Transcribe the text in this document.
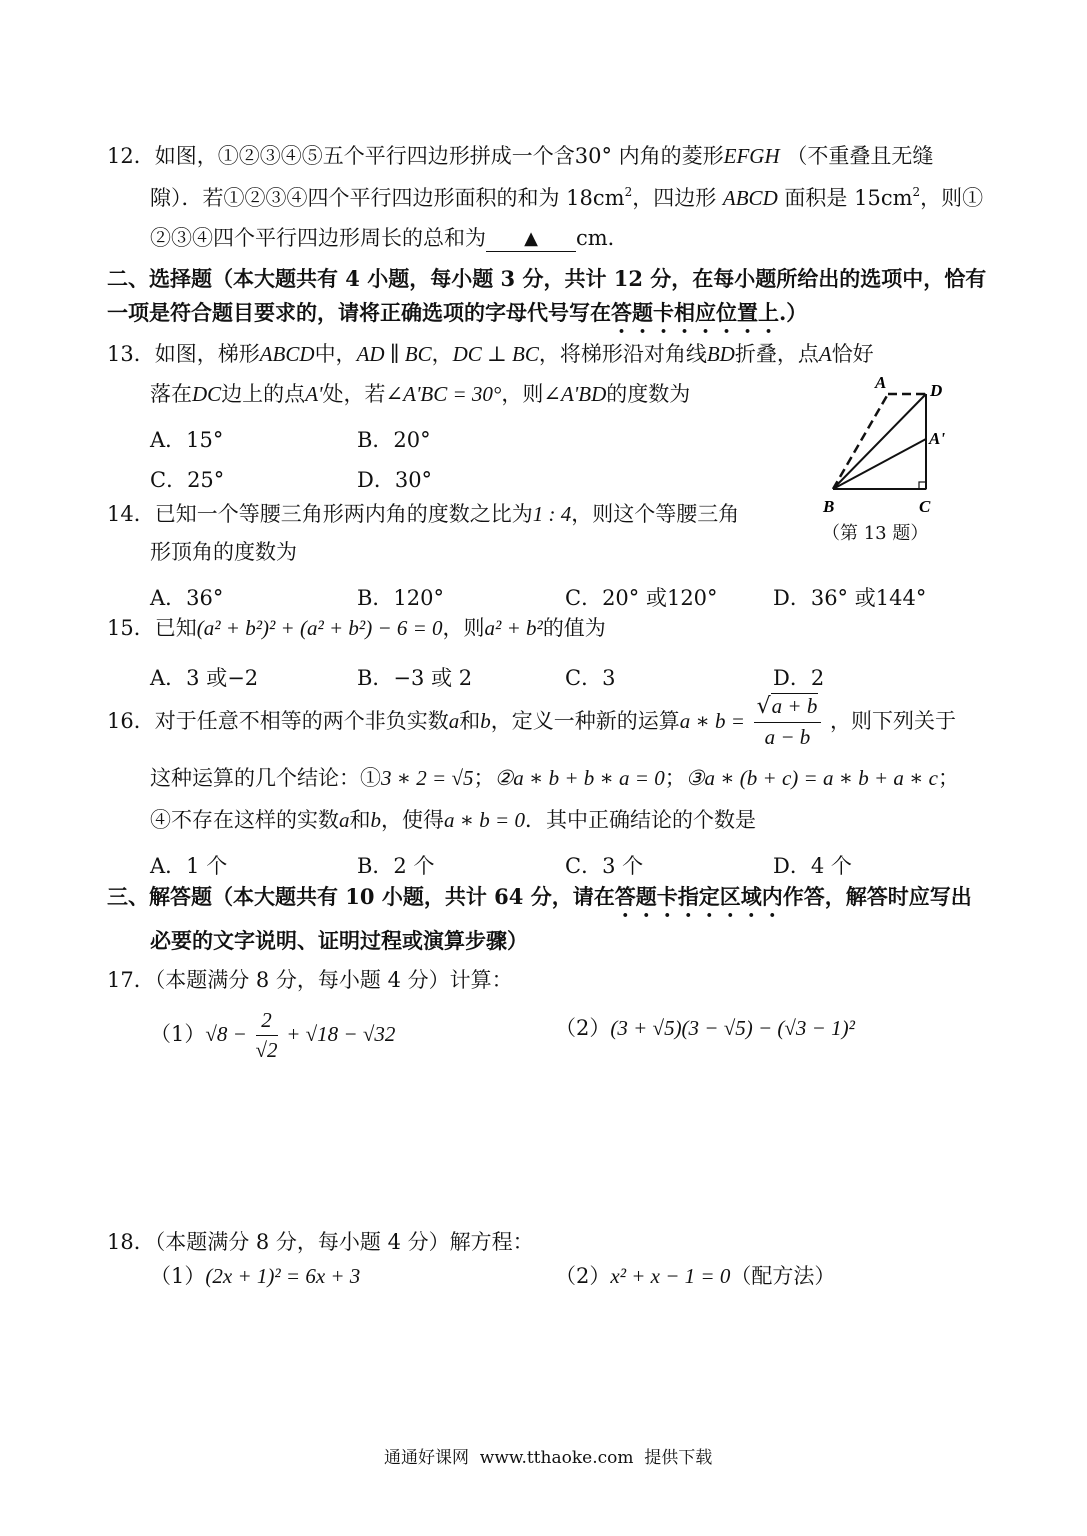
12．如图，①②③④⑤五个平行四边形拼成一个含30° 内角的菱形EFGH （不重叠且无缝
隙）．若①②③④四个平行四边形面积的和为 $18cm^2$，四边形 ABCD 面积是 $15cm^2$，则①
②③④四个平行四边形周长的总和为 ▲ cm．
二、选择题（本大题共有 4 小题，每小题 3 分，共计 12 分，在每小题所给出的选项中，恰有
一项是符合题目要求的，请将正确选项的字母代号写在答题卡相应位置上.）
13．如图，梯形ABCD中，AD ∥ BC，DC ⊥ BC，将梯形沿对角线BD折叠，点A恰好
落在DC边上的点A'处，若∠A'BC = 30°，则∠A'BD的度数为
A．15°	B．20°
C．25°	D．30°
A	D
A'
B	C
（第 13 题）
14．已知一个等腰三角形两内角的度数之比为1 : 4，则这个等腰三角
形顶角的度数为
A．36°	B．120°	C．20° 或120°	D．36° 或144°
15．已知(a² + b²)² + (a² + b²) − 6 = 0，则a² + b²的值为
A．3 或−2	B．−3 或 2	C．3	D．2
16．对于任意不相等的两个非负实数a和b，定义一种新的运算a ∗ $b = \frac{√a + b}{a - b}$ ，则下列关于
这种运算的几个结论：①3 ∗ 2 = √5；②a ∗ b + b ∗ a = 0；③a ∗ (b + c) = a ∗ b + a ∗ c；
④不存在这样的实数a和b，使得a ∗ b = 0．其中正确结论的个数是
A．1 个	B．2 个	C．3 个	D．4 个
三、解答题（本大题共有 10 小题，共计 64 分，请在答题卡指定区域内作答，解答时应写出
必要的文字说明、证明过程或演算步骤）
17．（本题满分 8 分，每小题 4 分）计算：
$(1)√8 - \frac{2}{√2} + √18 - √32$	（2）(3 + √5)(3 − √5) − (√3 − 1)²
18．（本题满分 8 分，每小题 4 分）解方程：
（1）(2x + 1)² = 6x + 3	（2）x² + x − 1 = 0（配方法）
通通好课网  www.tthaoke.com  提供下载
